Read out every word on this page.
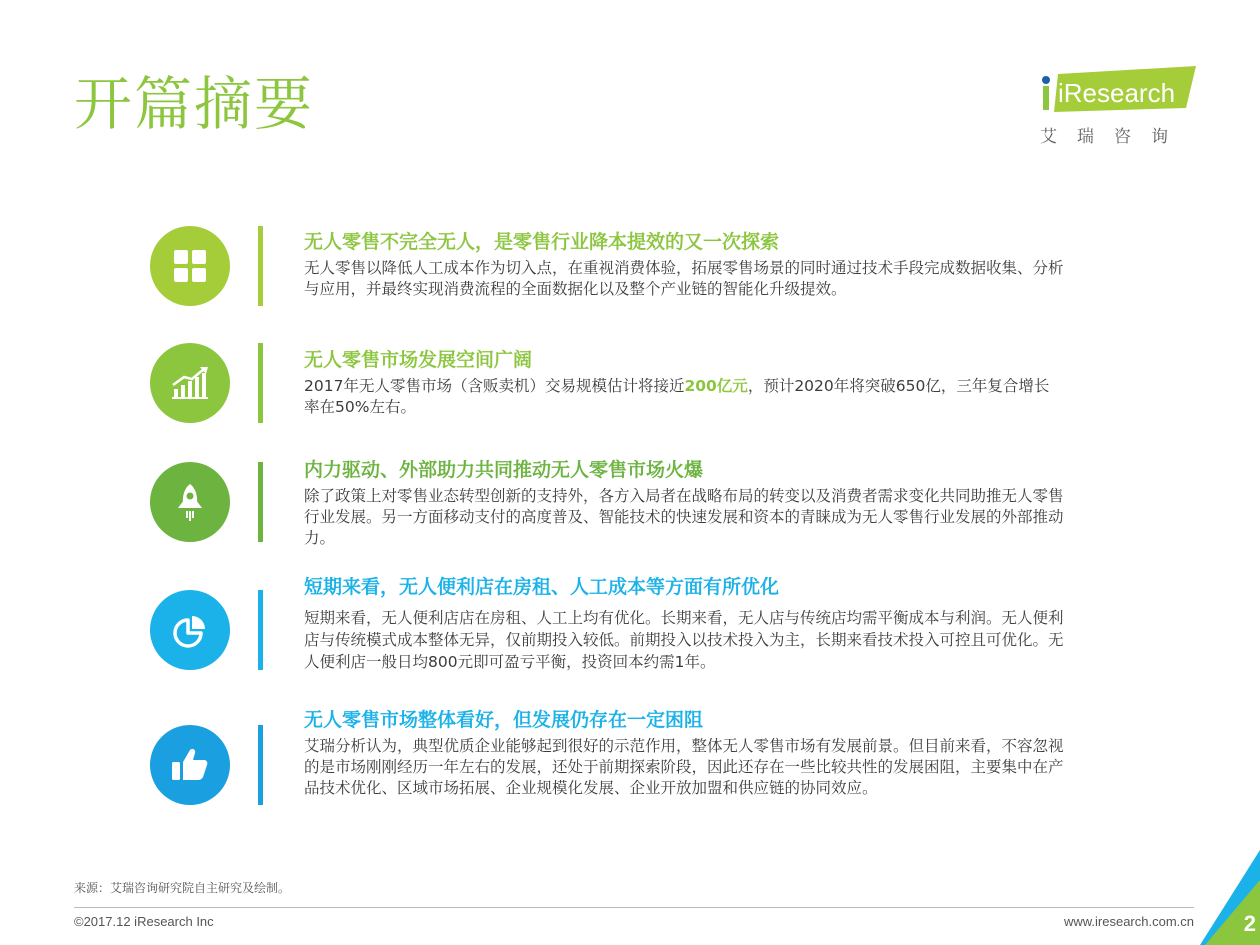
开篇摘要	iResearch
艾瑞咨询
无人零售不完全无人，是零售行业降本提效的又一次探索
无人零售以降低人工成本作为切入点，在重视消费体验，拓展零售场景的同时通过技术手段完成数据收集、分析与应用，并最终实现消费流程的全面数据化以及整个产业链的智能化升级提效。
无人零售市场发展空间广阔
2017年无人零售市场（含贩卖机）交易规模估计将接近200亿元，预计2020年将突破650亿，三年复合增长率在50%左右。
内力驱动、外部助力共同推动无人零售市场火爆
除了政策上对零售业态转型创新的支持外，各方入局者在战略布局的转变以及消费者需求变化共同助推无人零售行业发展。另一方面移动支付的高度普及、智能技术的快速发展和资本的青睐成为无人零售行业发展的外部推动力。
短期来看，无人便利店在房租、人工成本等方面有所优化
短期来看，无人便利店店在房租、人工上均有优化。长期来看，无人店与传统店均需平衡成本与利润。无人便利店与传统模式成本整体无异，仅前期投入较低。前期投入以技术投入为主，长期来看技术投入可控且可优化。无人便利店一般日均800元即可盈亏平衡，投资回本约需1年。
无人零售市场整体看好，但发展仍存在一定困阻
艾瑞分析认为，典型优质企业能够起到很好的示范作用，整体无人零售市场有发展前景。但目前来看，不容忽视的是市场刚刚经历一年左右的发展，还处于前期探索阶段，因此还存在一些比较共性的发展困阻，主要集中在产品技术优化、区域市场拓展、企业规模化发展、企业开放加盟和供应链的协同效应。
来源：艾瑞咨询研究院自主研究及绘制。
©2017.12 iResearch Inc	www.iresearch.com.cn 2
